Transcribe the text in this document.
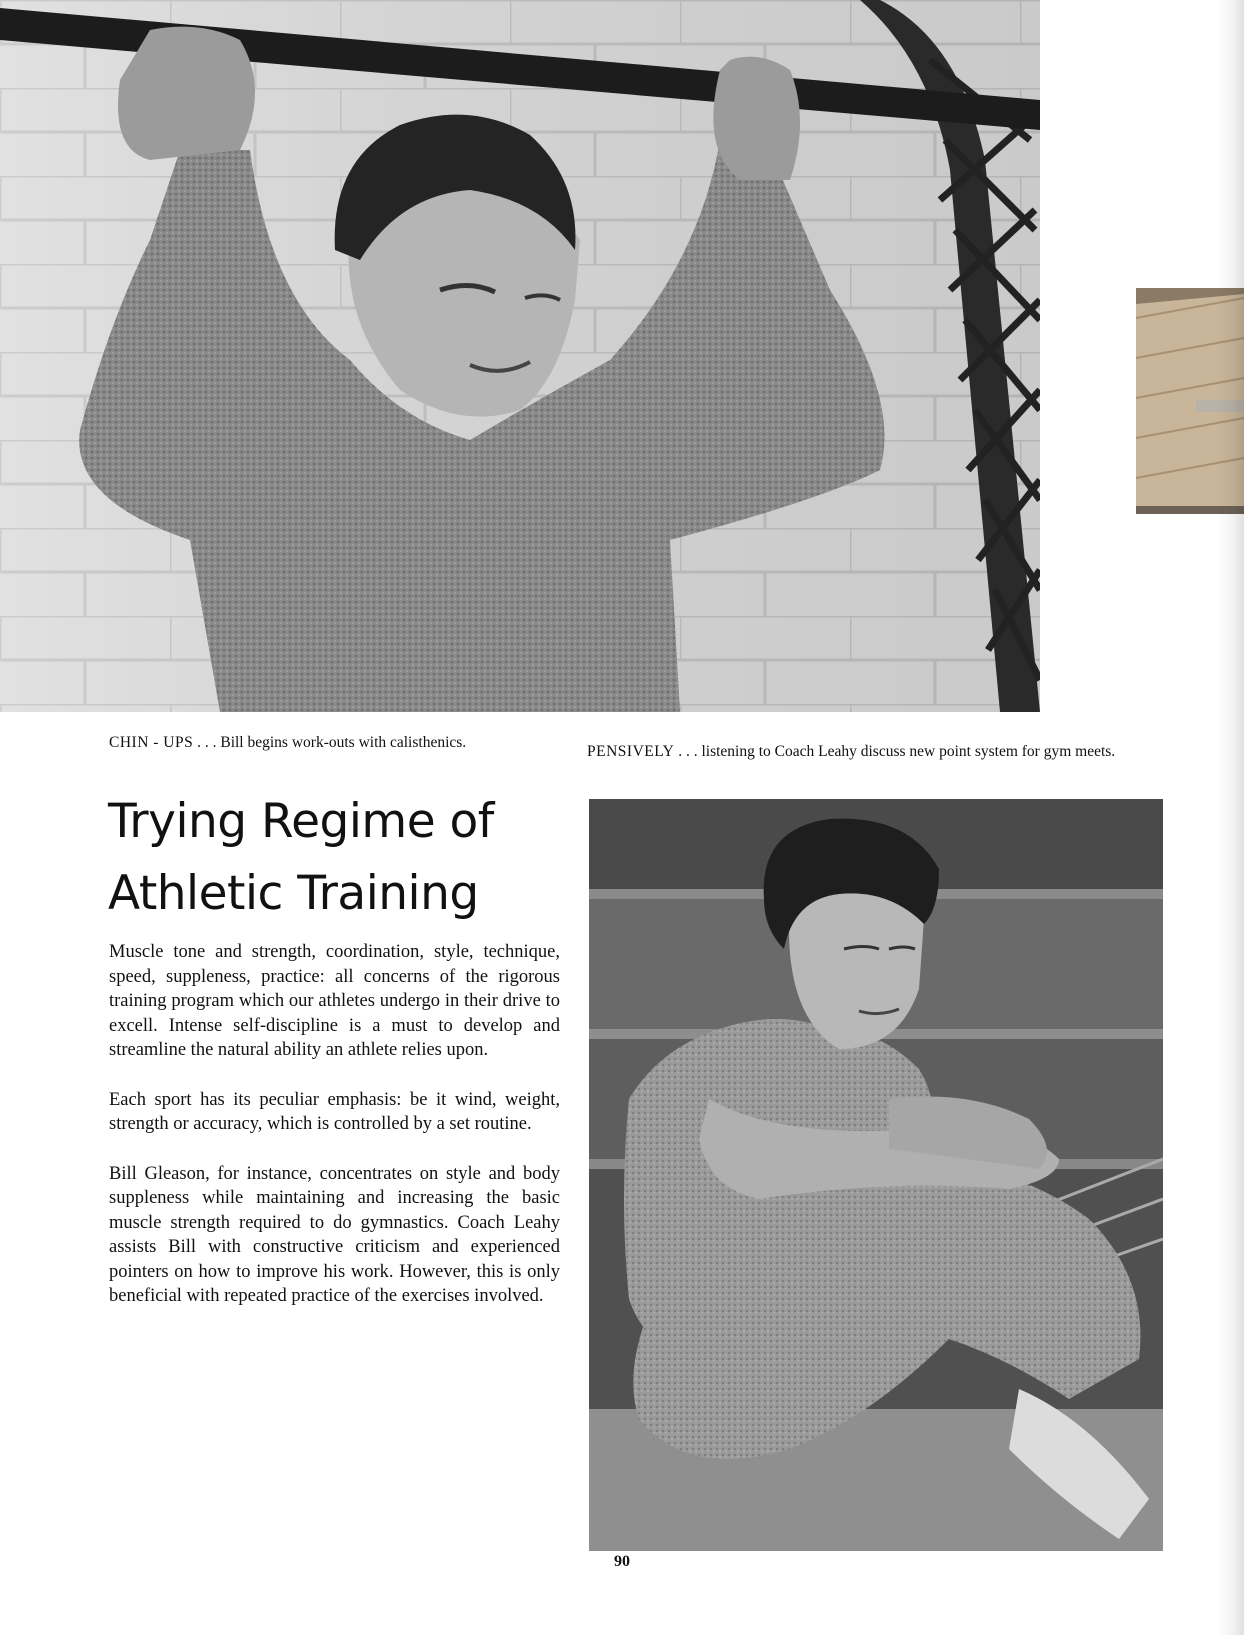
CHIN - UPS . . . Bill begins work-outs with calisthenics.
PENSIVELY . . . listening to Coach Leahy discuss new point system for gym meets.
Trying Regime of
Athletic Training

Muscle tone and strength, coordination, style, technique, speed, suppleness, practice: all concerns of the rigorous training program which our athletes undergo in their drive to excell. Intense self-discipline is a must to develop and streamline the natural ability an athlete relies upon.

Each sport has its peculiar emphasis: be it wind, weight, strength or accuracy, which is controlled by a set routine.

Bill Gleason, for instance, concentrates on style and body suppleness while maintaining and increasing the basic muscle strength required to do gymnastics. Coach Leahy assists Bill with constructive criticism and experienced pointers on how to improve his work. However, this is only beneficial with repeated practice of the exercises involved.

90
